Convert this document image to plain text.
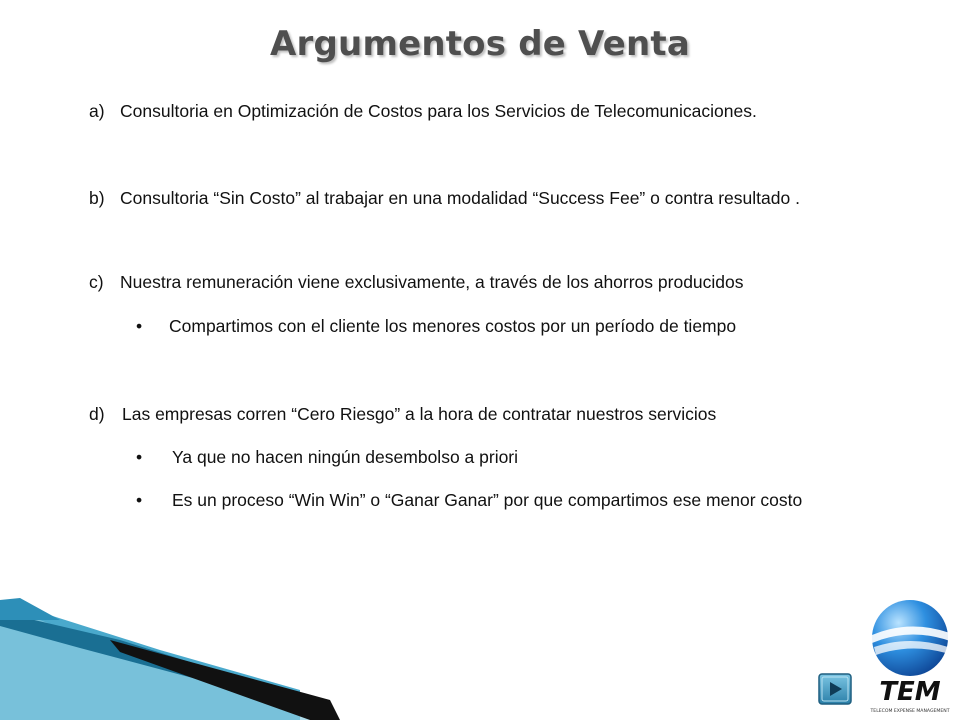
Argumentos de Venta
a) Consultoria en Optimización de Costos para los Servicios de Telecomunicaciones.
b) Consultoria “Sin Costo” al trabajar en una modalidad “Success Fee” o contra resultado .
c) Nuestra remuneración viene exclusivamente, a través de los ahorros producidos
• Compartimos con el cliente los menores costos por un período de tiempo
d) Las empresas corren “Cero Riesgo” a la hora de contratar nuestros servicios
• Ya que no hacen ningún desembolso a priori
• Es un proceso “Win Win” o “Ganar Ganar” por que compartimos ese menor costo
TEM
TELECOM EXPENSE MANAGEMENT
